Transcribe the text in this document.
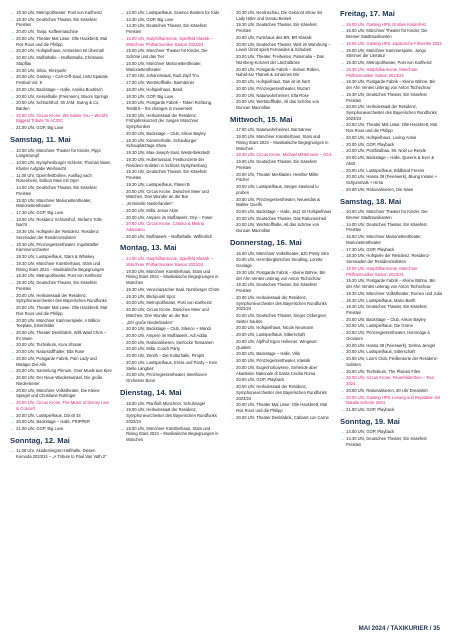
→ 19.30 Uhr, Metropoltheater: Post von Karlheinz
→ 19.30 Uhr, Deutsches Theater, Ein Käsefest Preisten
→ 20.00 Uhr, Tanja, Kaffeemaschine
→ 20.00 Uhr, Theater Mal Löwe: Olle Hackbrett, Mal Ros Roos und die Philipp
→ 20.00 Uhr, Hofspielhaus, Anstecken Ist Übernah
→ 20.00 Uhr, Muffathalle – Muffatmalla, Christiane Stapflau
→ 20.00 Uhr, Silvio, Kleinjunk!
→ 20.00 Uhr, Gasteig – Carl-Orff-Saal, LMU Spatiale Festival Vol. 8
→ 20.00 Uhr, Backstage – Halle, Annika Boxtrisch
→ 20.00 Uhr, Kesselhalle (Freimann), Bloom Springs
→ 20.00 Uhr, Schlachthof, 30 JAM, Swing & Co, Barden
→ 20.00 Uhr, Circus Krone, We Salute You – World's Biggest Tribute To AC/DC
→ 21.00 Uhr, GOP, Big Love
Samstag, 11. Mai
→ 10.00 Uhr, Münchner Theater für Kinder, Pippi Langstrumpf
→ 10.00 Uhr, Nymphenburger Schloss: Thomas Mann, Kloster Aufgabe Weihnacht
→ 11.00 Uhr, Opernfestbühne, Ausflug nach Rosenheim, Edition Maxi mit Oper
→ 14.00 Uhr, Deutsches Theater, Ein Käsefest Preisten
→ 15.00 Uhr, Münchner Marionettentheater, Marionettentheater
→ 17.30 Uhr, GOP, Big Love
→ 18.00 Uhr, Residenz Schlosshof, Stefan's Tolle Nacht
→ 18.30 Uhr, Hofspiele der Residenz, Residenz Serenaden der Residenzsolisten
→ 19.30 Uhr, Prinzregententheater, Ingolstädter Kammerorchester
→ 19.30 Uhr, Lustspielhaus, Stars & Whiskey
→ 19.30 Uhr, Münchner Künstlerhaus, Stars und Rising Stars 2024 – Musikalische Begegnungen
→ 19.30 Uhr, Metropoltheater, Post von Karlheinz
→ 19.30 Uhr, Deutsches Theater, Ein Käsefest Preisten
→ 20.00 Uhr, Herkulessaal der Residenz, Symphonieorchester des Bayerischen Rundfunks
→ 20.00 Uhr, Theater Mal Löwe: Olle Hackbrett, Mal Ros Roos und die Philipp
→ 20.00 Uhr, Münchner Kammerspiele, A Million Teeplate, Eisenfelder
→ 20.00 Uhr, Theater Denkfabrik, Willi Wald Chris – Ihr Mann
→ 20.00 Uhr, Technikum, Kuru Shanar
→ 20.00 Uhr, Naturstoffhalter, Ella Rose
→ 20.00 Uhr, Postgarde Fabrik, Pain Lady und Mixtape Ziel Alle
→ 20.00 Uhr, Sammlung Plenum, Over Musik aus Kiev
→ 20.00 Uhr, Der Neue Wiederswinkel, Die große Niedersiener
→ 20.00 Uhr, Münchner Volkstheater, Die Kleine Spiegel und Christiane Rottinger
→ 20.00 Uhr, Circus Krone, The Music of Disney Live in Concert
→ 20.00 Uhr, Lustspielhaus, Dönöl 33
→ 20.00 Uhr, Backstage – Halle, FRIPPER
→ 21.00 Uhr, GOP, Big Love
Sonntag, 12. Mai
→ 11.00 Uhr, Akademiegrün-Hafthalle, Diesen Komoda 2023/24 – „A Tribute to Paul Van Vath 2"
→ 14.00 Uhr, Lustspielhaus, Science Busters for Kids
→ 14.30 Uhr, GOP, Big Love
→ 14.30 Uhr, Deutsches Theater, Ein Käsefest Preisten
→ 15.00 Uhr, Isarphilharmonie, Spielfeld Klassik – Münchner Philharmoniker Saison 2023/24
→ 15.00 Uhr, Münchner Theater für Kinder, Die Schöne und das Tier
→ 15.00 Uhr, Münchner Marionettentheater, Marionettentheater
→ 17.00 Uhr, Johannissaal, Rudi Zapf Trio
→ 17.00 Uhr, Wertstoffhalle, Barmänner
→ 18.00 Uhr, Hofspielhaus, Band
→ 18.30 Uhr, GOP, Big Love
→ 19.00 Uhr, Postgarde Fabrik – Taken Richtung, Testlä 8 – the changes in movement
→ 19.00 Uhr, Herkulessaal der Residenz, Frühjahrskonzert der Jungen Münchner Symphoniker
→ 20.00 Uhr, Backstage – Club, Alison Bayley
→ 19.30 Uhr, Kammerhalle, Schauburger Schauplatztage Show
→ 19.30 Uhr, Max-Joseph-Saal, Westerbekstedt
→ 19.30 Uhr, Hubertussaal, Festkonzerte der Residenz-Solisten in Schloss Nymphenburg
→ 19.30 Uhr, Deutsches Theater, Ein Käsefest Preisten
→ 19.30 Uhr, Lustspielhaus, Planet B
→ 20.00 Uhr, Circus Krone, Zwischen Meer und Märchen, Drei Wunder an der Bar
→ „Kriminelle Niederlanden"
→ 20.00 Uhr, Milla, Jesus Akim
→ 20.00 Uhr, Ampere im Muffatwerk, Oryl – Faser
→ 20.00 Uhr, Circus Krone, Cristina & Melina Adamiano
→ 20.00 Uhr, Muffatwerk – Muffathalle, Willkürlich
Montag, 13. Mai
→ 14.00 Uhr, Isarphilharmonie, Spielfeld Klassik – Münchner Philharmoniker Saison 2023/24
→ 19.00 Uhr, Münchner Künstlerhaus, Stars und Rising Stars 2024 – Musikalische Begegnungen in München
→ 19.30 Uhr, Venezianischer Saal, Nürnberger Chöre
→ 19.30 Uhr, Blickpunkt Spot
→ 20.00 Uhr, Metropoltheater, Post von Karlheinz
→ 20.00 Uhr, Circus Krone, Zwischen Meer und Märchen, Drei Wunder an der Bar
→ „Der große Niederlanden"
→ 20.00 Uhr, Backstage – Club, Silence + Mandi
→ 20.00 Uhr, Ampere im Muffatwerk, Adi Addai
→ 20.00 Uhr, Rationalisieren, Sierlocke Tamaanen
→ 20.00 Uhr, Milla, Coach Party
→ 20.00 Uhr, Zenith – Die Kulturhalle, Pimpls
→ 20.00 Uhr, Lustspielhaus, Ennis und Pardy – Kein Stelle Langbeit
→ 20.00 Uhr, Prinzregententheater, Beethoven Orchester Bonn
Dienstag, 14. Mai
→ 18.00 Uhr, Planfloß Münchner, Schuhnagel
→ 19.00 Uhr, Herkulessaal der Residenz, Symphonieorchester des Bayerischen Rundfunks 2023/24
→ 19.00 Uhr, Münchner Künstlerhaus, Stars und Rising Stars 2024 – Musikalische Begegnungen in München
→ 20.30 Uhr, Nerdnschau, Die Gekonnt Show mit Lady Hitler und Genau Beiseit
→ 19.30 Uhr, Deutsches Theater, Ein Käsefest Preisten
→ 20.00 Uhr, Funkhaus des BR, BR Klassik
→ 20.00 Uhr, Deutsches Theater, Welt im Wandrung – Lewin Ümüt spielt Fernandes & Schubert
→ 20.00 Uhr, Theater, Freiheiten, Paternalia – Das Nürnberg-Konzert der Lärchalböse
→ 20.00 Uhr, Postgarde Fabrik – Sieben Rüben, Nahid-sar Thanek & Johannes Birr
→ 20.00 Uhr, Hofspielhaus, Das ist ist hart!
→ 20.00 Uhr, Prinzregententheater, Mozart
→ 20.00 Uhr, Naturwohnheimer, Ella Rose
→ 20.00 Uhr, Wertstoffhalle, All das Schöne von Duncan Macmillan
Mittwoch, 15. Mai
→ 17.00 Uhr, Naturwohnheimer, Barmänner
→ 19.00 Uhr, Münchner Künstlerhaus, Stars and Rising Stars 2024 – Musikalische Begegnungen in München
→ 19.30 Uhr, Circus Krone, Michael Mittermeier – 0/13
→ 19.00 Uhr, Deutsches Theater, Ein Käsefest Preisten
→ 20.00 Uhr, Theater Merklaüler, Hesther Miller Pitcher
→ 20.00 Uhr, Lustspielhaus, Sergen steeland lu proben
→ 20.00 Uhr, Prinzregententheater, Neuendas & Mahler Guelfs
→ 20.00 Uhr, Backstage – Halle, Jazz im Hofspielhaus
→ 20.00 Uhr, Deutsches Theater, Das Rationeinheit
→ 20.00 Uhr, Wertstoffhalle, All das Schöne von Duncan Macmillan
Donnerstag, 16. Mai
→ 16.00 Uhr, Münchner Volkstheater, 620 Pretty Slim
→ 20.00 Uhr, Herrnbergkirsches Sendling, Lorette Geolage
→ 19.30 Uhr, Postgarde Fabrik – Kleine Bühne, Bin der Ahn Ventes unterag von Anton Tschechow
→ 19.30 Uhr, Deutsches Theater, Ein Käsefest Preisten
→ 20.00 Uhr, Herkulessaal der Residenz, Symphonieorchester des Bayerischen Rundfunks 2023/24
→ 20.00 Uhr, Deutsches Theater, Singer Ozbergner, Seitter Saubre
→ 20.00 Uhr, Hofspielhaus, Nicole Neumann
→ 20.00 Uhr, Lustspielhaus, Sitterschaft
→ 20.00 Uhr, Alpfhof Egon Holleiner, Wingwort Quatiett
→ 20.00 Uhr, Backstage – Halle, Villa
→ 20.00 Uhr, Prinzregententheater, Klassik
→ 20.00 Uhr, Eugenhohoiverse, Gehende aber Akademie Nationale di Santa Cecilia Roma
→ 20.00 Uhr, GOP, Playback
→ 20.00 Uhr, Herkulessaal der Residenz, Symphonieorchester des Bayerischen Rundfunks 2023/24
→ 20.00 Uhr, Theater Mal Löwe: Olle Hackbrett, Mal Ros Roos und die Philipp
→ 20.00 Uhr, Theater Denkfabrik, Cabaret con Carne
Freitag, 17. Mai
→ 19.00 Uhr, Gasteig HP8, Großes Kinderfest
→ 15.00 Uhr, Münchner Theater für Kinder, Die Bremer Stadtmusikanten
→ 18.00 Uhr, Gasteig HP8, Japanische Filmreihe 2024
→ 19.00 Uhr, Münchner Kammerspiele, Jungo Stimmer der Literatur
→ 19.30 Uhr, Metropoltheater, Post von Karlheinz
→ 19.30 Uhr, Isarphilharmonie, Münchner Philharmoniker Saison 2023/24
→ 19.30 Uhr, Postgarde Fabrik – Kleine Bühne, Bin der Ahn Ventes unterag von Anton Tschechow
→ 19.30 Uhr, Deutsches Theater, Ein Käsefest Preisten
→ 20.00 Uhr, Herkulessaal der Residenz, Symphonieorchester des Bayerischen Rundfunks 2023/24
→ 20.00 Uhr, Theater Mal Löwe: Olle Hackbrett, Mal Ros Roos und die Philipp
→ 20.00 Uhr, Hofspielhaus, Loving Annie
→ 20.00 Uhr, GOP, Playback
→ 20.00 Uhr, Postfinalbau, Mr. Noel Le Rende
→ 20.00 Uhr, Backstage – Halle, Queens & Ever & Aksit
→ 20.00 Uhr, Lustspielhaus, Bildband Ferens
→ 20.00 Uhr, Hansa 39 (Feierwerk), Bluing Insane + Schjummals + Hirsa
→ 20.00 Uhr, Rationalisieren, Die Nase
Samstag, 18. Mai
→ 10.00 Uhr, Münchner Theater für Kinder, Die Bremer Stadtmusikanten
→ 14.00 Uhr, Deutsches Theater, Ein Käsefest Preisten
→ 15.00 Uhr, Münchner Marionettentheater, Marionettentheater
→ 17.30 Uhr, GOP, Playback
→ 18.30 Uhr, Hofspiele der Residenz, Residenz-Serenaden der Residenzsolisten
→ 19.00 Uhr, Isarphilharmonie, Münchner Philharmoniker Saison 2023/24
→ 19.30 Uhr, Postgarde Fabrik – Kleine Bühne, Bin der Ahn Ventes unterag von Anton Tschechow
→ 19.30 Uhr, Münchner Volkstheater, Romeo und Julia
→ 19.30 Uhr, Lustspielhaus, Mario Barth
→ 19.30 Uhr, Deutsches Theater, Ein Käsefest Preisten
→ 20.00 Uhr, Backstage – Club, Alison Bayley
→ 20.00 Uhr, Lustspielhaus, Die Grüne
→ 20.00 Uhr, Prinzregententheater, Hommage à Giovanni
→ 20.00 Uhr, Hansa 39 (Feierwerk), Dehna Jenigel
→ 20.00 Uhr, Lustspielhaus, Sitterschaft
→ 20.00 Uhr, Lion's Club, Fleißentorte der Residenz-Solisten
→ 20.00 Uhr, Technikum, The Plaines Files
→ 20.00 Uhr, Circus Krone, Feuerbilderthon – Tour 2024
→ 20.00 Uhr, Rationalisieren, 20 Uhr Dreamkirt
→ 20.00 Uhr, Gasteig HP8, Lesung und Repitation mit Natalie Scherer 2024
→ 21.00 Uhr, GOP, Playback
Sonntag, 19. Mai
→ 14.00 Uhr, GOP, Playback
→ 14.30 Uhr, Deutsches Theater, Ein Käsefest Preisten
MAI 2024 / TAXIKURIER / 35
